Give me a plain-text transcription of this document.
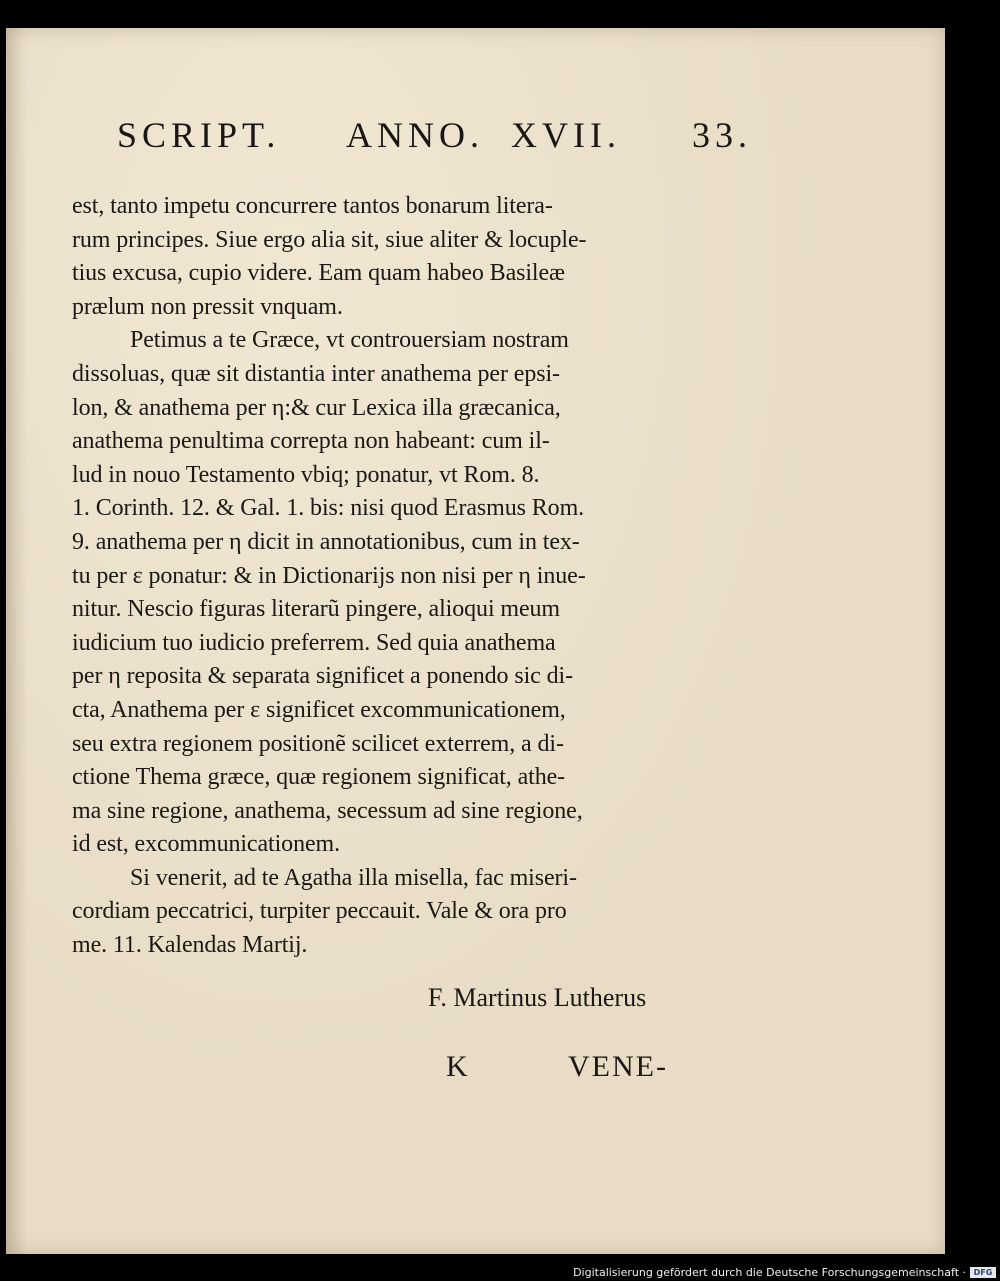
SCRIPT. ANNO. XVII. 33.
est, tanto impetu concurrere tantos bonarum litera-
rum principes. Siue ergo alia sit, siue aliter & locuple-
tius excusa, cupio videre. Eam quam habeo Basileæ
prælum non pressit vnquam.
Petimus a te Græce, vt controuersiam nostram
dissoluas, quæ sit distantia inter anathema per epsi-
lon, & anathema per η:& cur Lexica illa græcanica,
anathema penultima correpta non habeant: cum il-
lud in nouo Testamento vbiq; ponatur, vt Rom. 8.
1. Corinth. 12. & Gal. 1. bis: nisi quod Erasmus Rom.
9. anathema per η dicit in annotationibus, cum in tex-
tu per ε ponatur: & in Dictionarijs non nisi per η inue-
nitur. Nescio figuras literarũ pingere, alioqui meum
iudicium tuo iudicio preferrem. Sed quia anathema
per η reposita & separata significet a ponendo sic di-
cta, Anathema per ε significet excommunicationem,
seu extra regionem positionẽ scilicet exterrem, a di-
ctione Thema græce, quæ regionem significat, athe-
ma sine regione, anathema, secessum ad sine regione,
id est, excommunicationem.
Si venerit, ad te Agatha illa misella, fac miseri-
cordiam peccatrici, turpiter peccauit. Vale & ora pro
me. 11. Kalendas Martij.
F. Martinus Lutherus
K	VENE-
Digitalisierung gefördert durch die Deutsche Forschungsgemeinschaft · DFG
